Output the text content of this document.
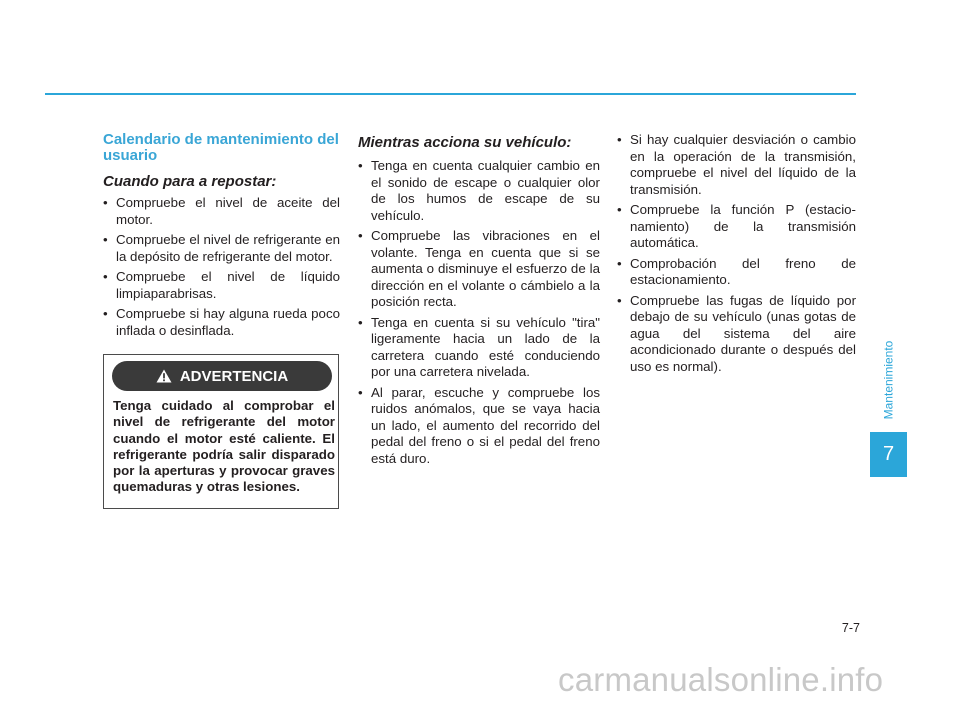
Calendario de mantenimiento del usuario
Cuando para a repostar:
• Compruebe el nivel de aceite del motor.
• Compruebe el nivel de refrigerante en la depósito de refrigerante del motor.
• Compruebe el nivel de líquido limpiaparabrisas.
• Compruebe si hay alguna rueda poco inflada o desinflada.
ADVERTENCIA
Tenga cuidado al comprobar el nivel de refrigerante del motor cuando el motor esté caliente. El refrigerante podría salir disparado por la aperturas y provocar graves quemaduras y otras lesiones.
Mientras acciona su vehículo:
• Tenga en cuenta cualquier cambio en el sonido de escape o cualquier olor de los humos de escape de su vehículo.
• Compruebe las vibraciones en el volante. Tenga en cuenta que si se aumenta o disminuye el esfuerzo de la dirección en el volante o cámbielo a la posición recta.
• Tenga en cuenta si su vehículo "tira" ligeramente hacia un lado de la carretera cuando esté conduciendo por una carretera nivelada.
• Al parar, escuche y compruebe los ruidos anómalos, que se vaya hacia un lado, el aumento del recorrido del pedal del freno o si el pedal del freno está duro.
• Si hay cualquier desviación o cambio en la operación de la transmisión, compruebe el nivel del líquido de la transmisión.
• Compruebe la función P (estacio-namiento) de la transmisión automática.
• Comprobación del freno de estacionamiento.
• Compruebe las fugas de líquido por debajo de su vehículo (unas gotas de agua del sistema del aire acondicionado durante o después del uso es normal).	Mantenimiento
7
7-7
carmanualsonline.info
